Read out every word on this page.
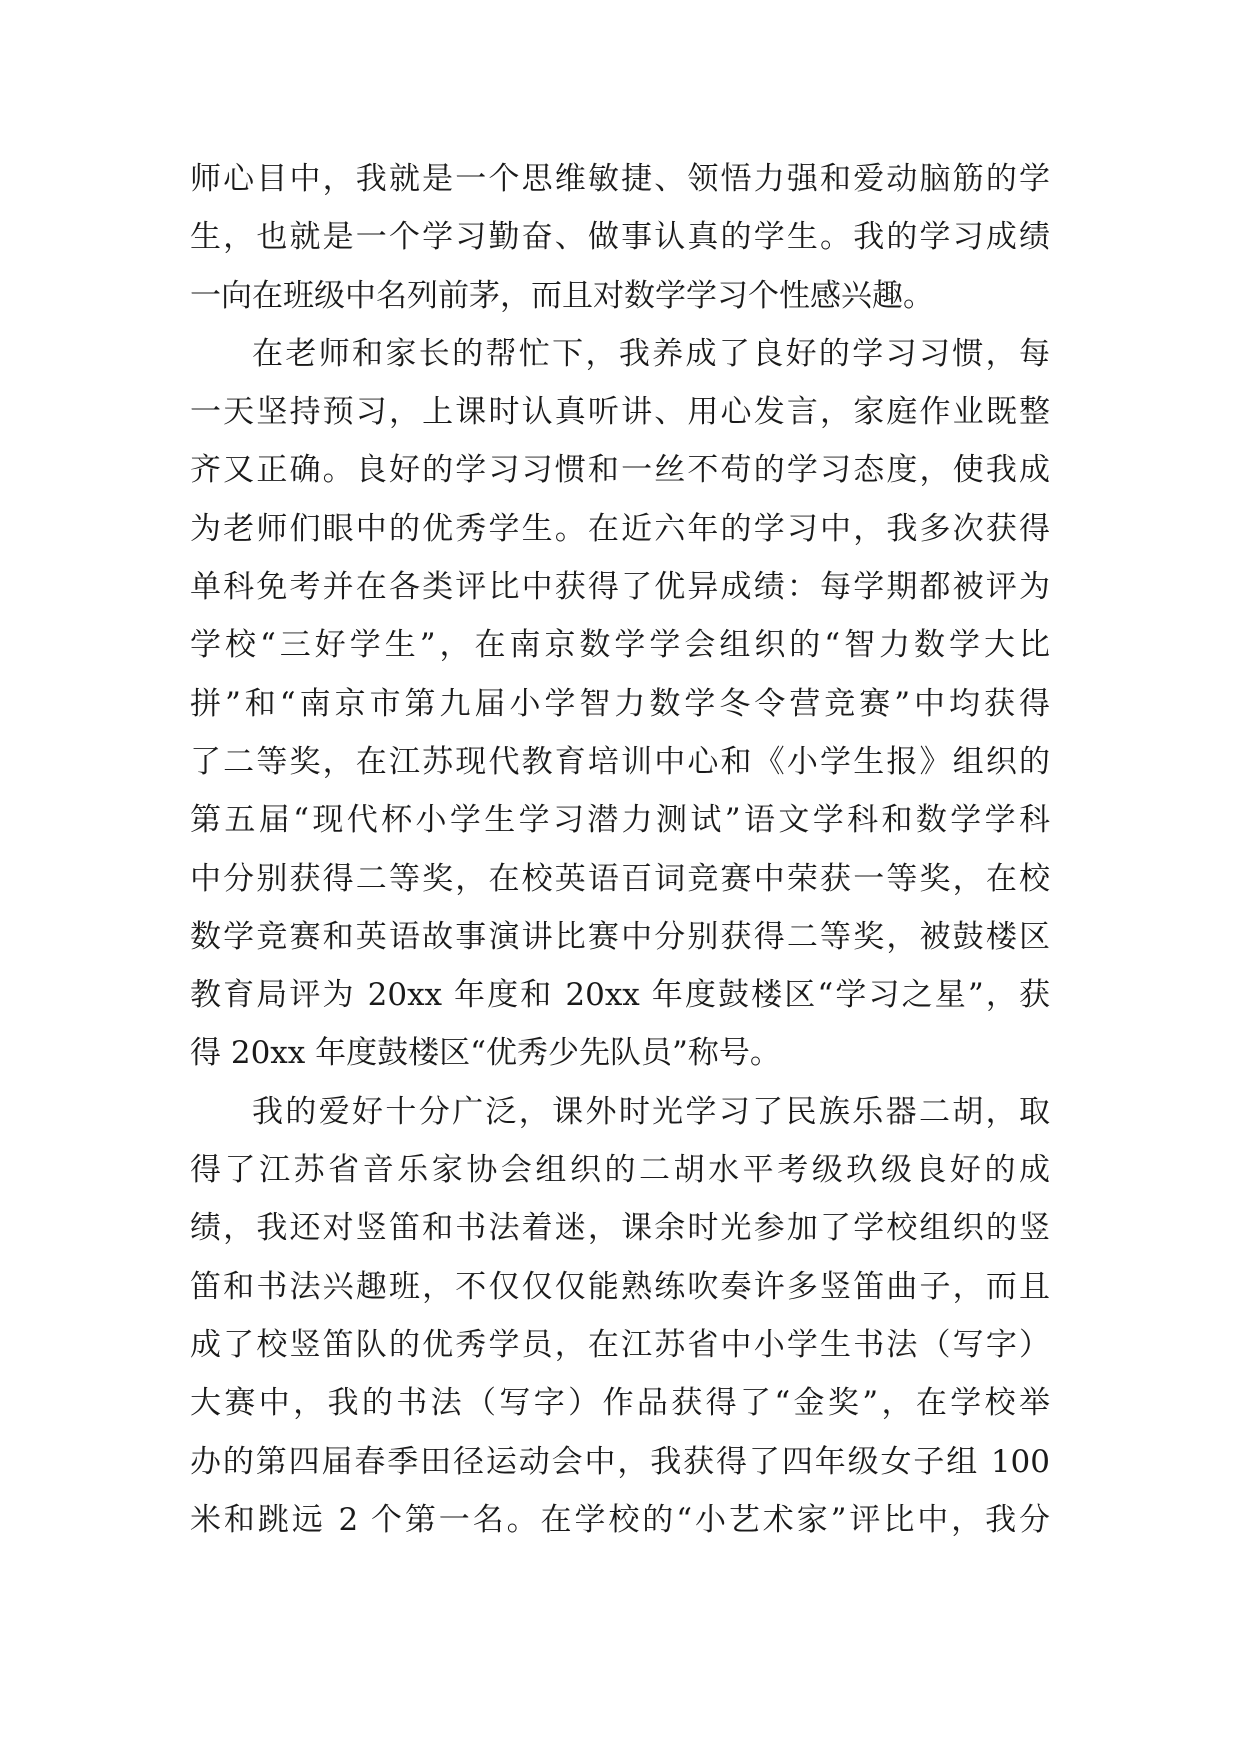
师心目中，我就是一个思维敏捷、领悟力强和爱动脑筋的学
生，也就是一个学习勤奋、做事认真的学生。我的学习成绩
一向在班级中名列前茅，而且对数学学习个性感兴趣。
在老师和家长的帮忙下，我养成了良好的学习习惯，每
一天坚持预习，上课时认真听讲、用心发言，家庭作业既整
齐又正确。良好的学习习惯和一丝不苟的学习态度，使我成
为老师们眼中的优秀学生。在近六年的学习中，我多次获得
单科免考并在各类评比中获得了优异成绩：每学期都被评为
学校“三好学生”，在南京数学学会组织的“智力数学大比
拼”和“南京市第九届小学智力数学冬令营竞赛”中均获得
了二等奖，在江苏现代教育培训中心和《小学生报》组织的
第五届“现代杯小学生学习潜力测试”语文学科和数学学科
中分别获得二等奖，在校英语百词竞赛中荣获一等奖，在校
数学竞赛和英语故事演讲比赛中分别获得二等奖，被鼓楼区
教育局评为 20xx 年度和 20xx 年度鼓楼区“学习之星”，获
得 20xx 年度鼓楼区“优秀少先队员”称号。
我的爱好十分广泛，课外时光学习了民族乐器二胡，取
得了江苏省音乐家协会组织的二胡水平考级玖级良好的成
绩，我还对竖笛和书法着迷，课余时光参加了学校组织的竖
笛和书法兴趣班，不仅仅仅能熟练吹奏许多竖笛曲子，而且
成了校竖笛队的优秀学员，在江苏省中小学生书法（写字）
大赛中，我的书法（写字）作品获得了“金奖”，在学校举
办的第四届春季田径运动会中，我获得了四年级女子组 100
米和跳远 2 个第一名。在学校的“小艺术家”评比中，我分
